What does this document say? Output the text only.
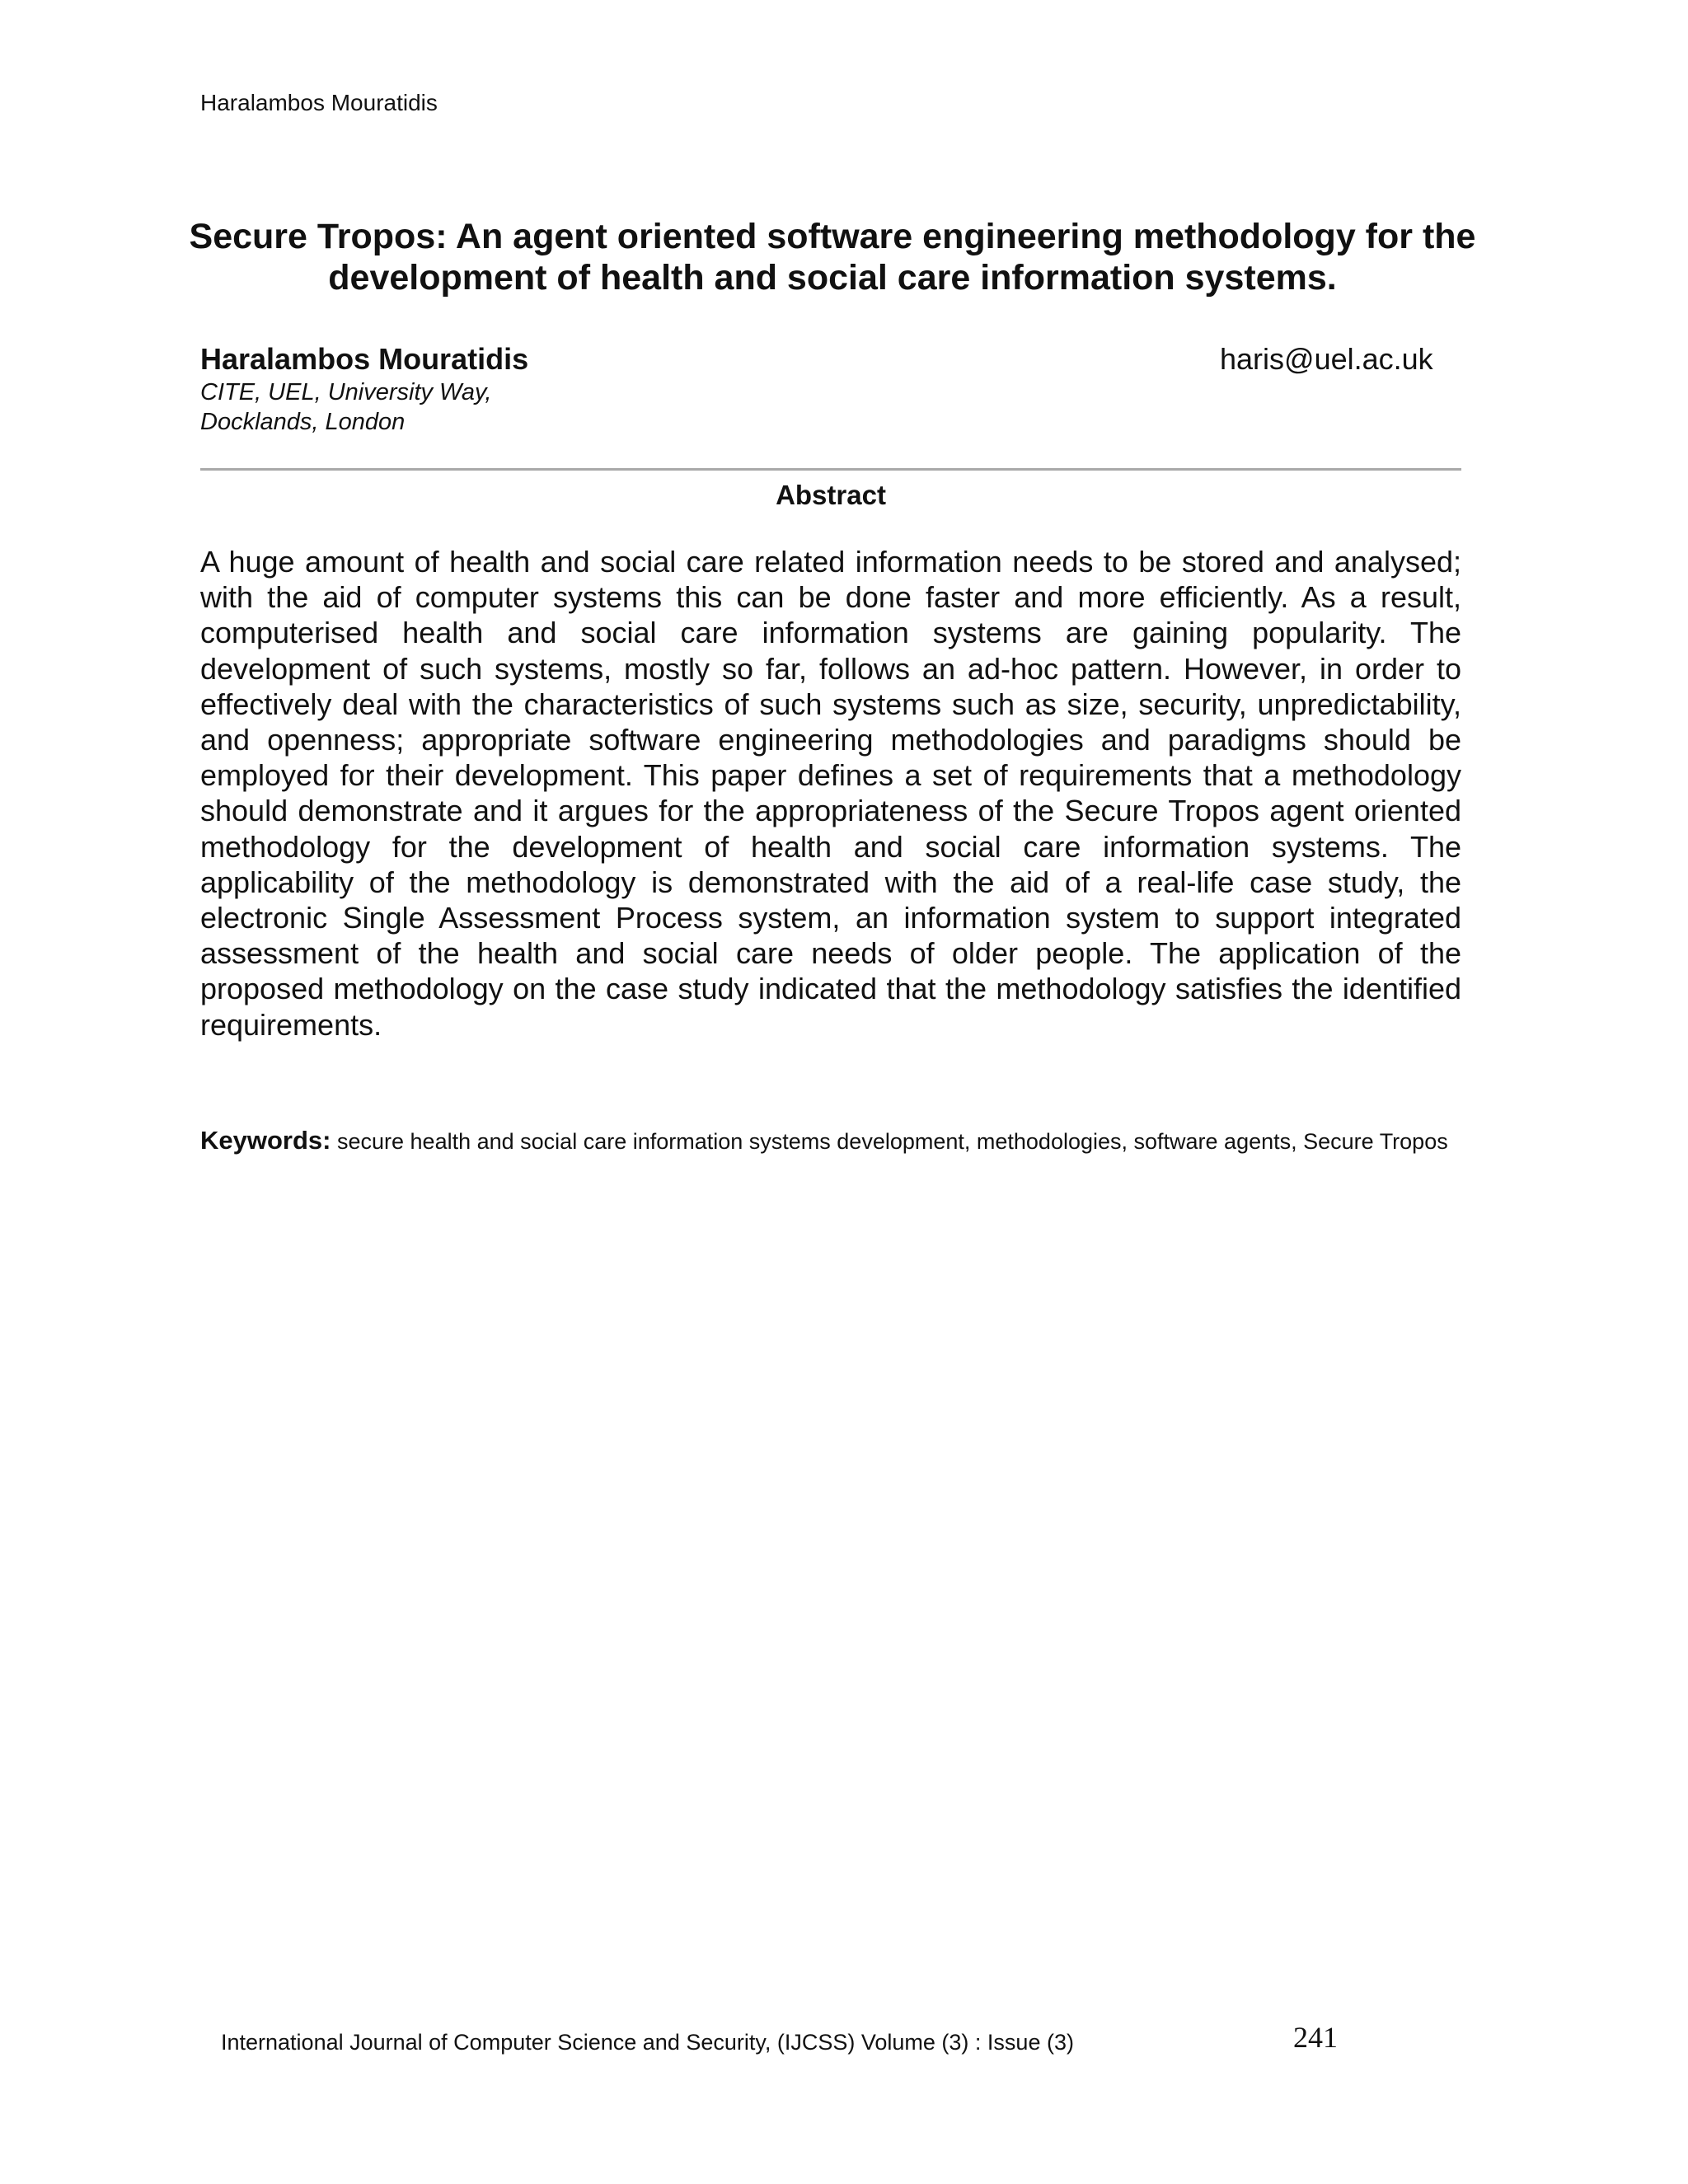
Haralambos Mouratidis
Secure Tropos: An agent oriented software engineering methodology for the development of health and social care information systems.
Haralambos Mouratidis
CITE, UEL, University Way,
Docklands, London
haris@uel.ac.uk
Abstract
A huge amount of health and social care related information needs to be stored and analysed; with the aid of computer systems this can be done faster and more efficiently. As a result, computerised health and social care information systems are gaining popularity. The development of such systems, mostly so far, follows an ad-hoc pattern. However, in order to effectively deal with the characteristics of such systems such as size, security, unpredictability, and openness; appropriate software engineering methodologies and paradigms should be employed for their development. This paper defines a set of requirements that a methodology should demonstrate and it argues for the appropriateness of the Secure Tropos agent oriented methodology for the development of health and social care information systems. The applicability of the methodology is demonstrated with the aid of a real-life case study, the electronic Single Assessment Process system, an information system to support integrated assessment of the health and social care needs of older people. The application of the proposed methodology on the case study indicated that the methodology satisfies the identified requirements.
Keywords: secure health and social care information systems development, methodologies, software agents, Secure Tropos
International Journal of Computer Science and Security, (IJCSS) Volume (3) : Issue (3)	241
